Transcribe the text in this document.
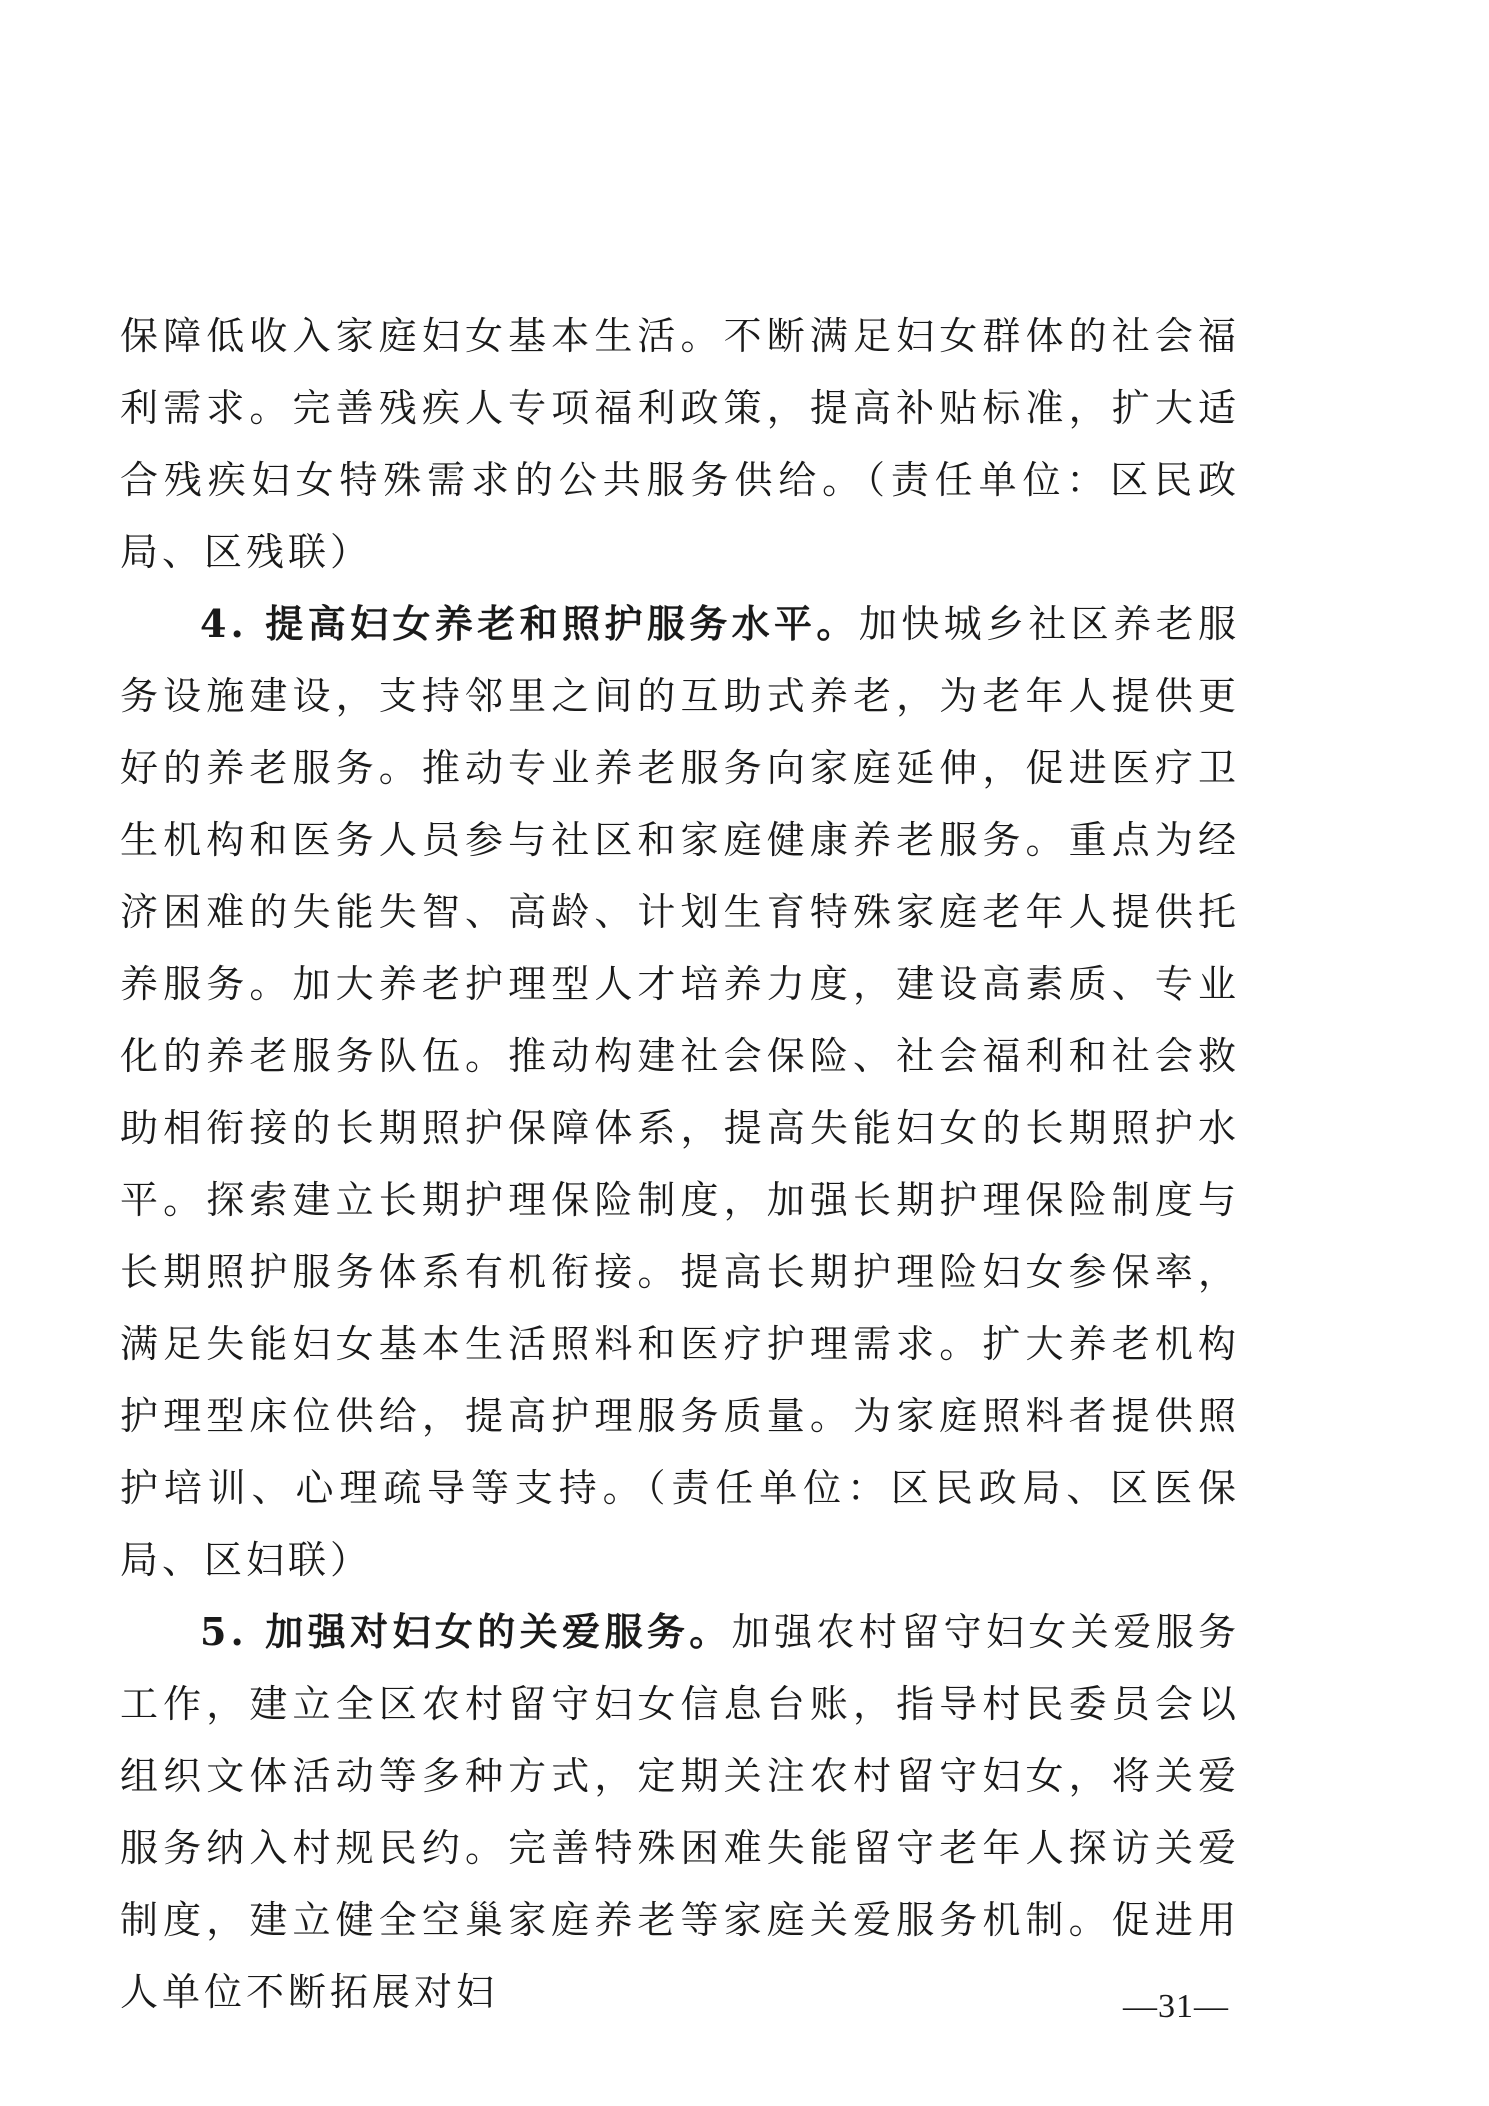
保障低收入家庭妇女基本生活。不断满足妇女群体的社会福利需求。完善残疾人专项福利政策，提高补贴标准，扩大适合残疾妇女特殊需求的公共服务供给。（责任单位：区民政局、区残联）

4. 提高妇女养老和照护服务水平。加快城乡社区养老服务设施建设，支持邻里之间的互助式养老，为老年人提供更好的养老服务。推动专业养老服务向家庭延伸，促进医疗卫生机构和医务人员参与社区和家庭健康养老服务。重点为经济困难的失能失智、高龄、计划生育特殊家庭老年人提供托养服务。加大养老护理型人才培养力度，建设高素质、专业化的养老服务队伍。推动构建社会保险、社会福利和社会救助相衔接的长期照护保障体系，提高失能妇女的长期照护水平。探索建立长期护理保险制度，加强长期护理保险制度与长期照护服务体系有机衔接。提高长期护理险妇女参保率，满足失能妇女基本生活照料和医疗护理需求。扩大养老机构护理型床位供给，提高护理服务质量。为家庭照料者提供照护培训、心理疏导等支持。（责任单位：区民政局、区医保局、区妇联）

5. 加强对妇女的关爱服务。加强农村留守妇女关爱服务工作，建立全区农村留守妇女信息台账，指导村民委员会以组织文体活动等多种方式，定期关注农村留守妇女，将关爱服务纳入村规民约。完善特殊困难失能留守老年人探访关爱制度，建立健全空巢家庭养老等家庭关爱服务机制。促进用人单位不断拓展对妇	—31—
